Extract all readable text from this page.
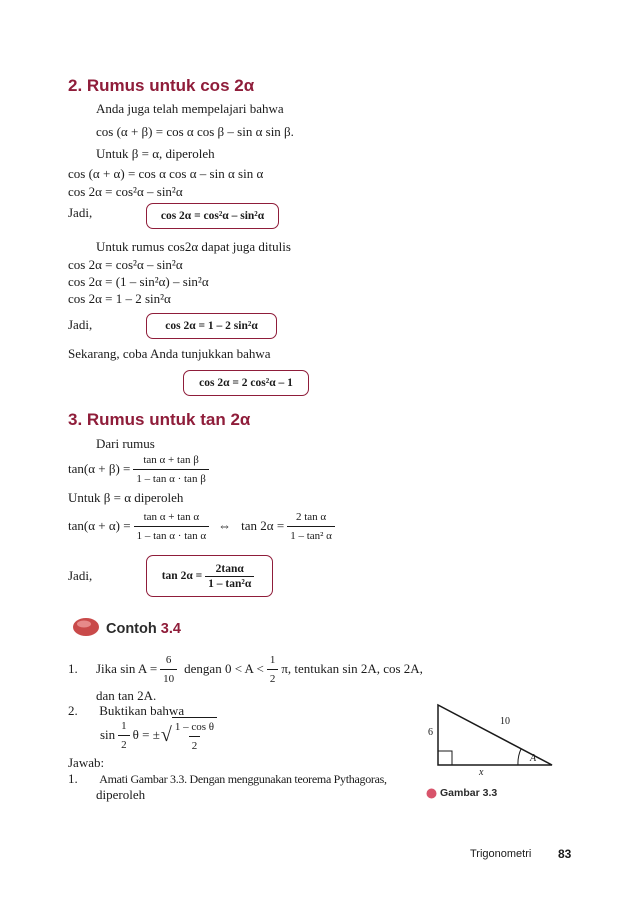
2. Rumus untuk cos 2α
Anda juga telah mempelajari bahwa
cos (α + β) = cos α cos β – sin α sin β.
Untuk β = α, diperoleh
cos (α + α) = cos α cos α – sin α sin α
cos 2α = cos²α – sin²α
Jadi,	cos 2α = cos²α – sin²α
Untuk rumus cos2α dapat juga ditulis
cos 2α = cos²α – sin²α
cos 2α = (1 – sin²α) – sin²α
cos 2α = 1 – 2 sin²α
Jadi,	cos 2α = 1 – 2 sin²α
Sekarang, coba Anda tunjukkan bahwa
cos 2α = 2 cos²α – 1
3. Rumus untuk tan 2α
Dari rumus
$\tan(\alpha + \beta) = \frac{\text{tan α + tan β}}{\text{1 – tan α · tan β}}$
Untuk β = α diperoleh
$\tan(\alpha + \alpha) = \frac{\text{tan α + tan α}}{\text{1 – tan α · tan α}}$ ⇔ $\tan 2\alpha = \frac{\text{2 tan α}}{\text{1 – tan² α}}$
Jadi,	$\tan 2\alpha = \frac{2\tan\alpha}{\text{1 – tan²α}}$
Contoh 3.4
1.	Jika $\sin A = \frac{6}{10}$ dengan $0 < A < \frac{1}{2} \pi$, tentukan sin 2A, cos 2A,
dan tan 2A.
2. Buktikan bahwa
$\sin \frac{1}{2}$ θ = ± √ $\frac{\text{1 – cos θ}}{2}$
Jawab:
1. Amati Gambar 3.3. Dengan menggunakan teorema Pythagoras,
diperoleh
6
10
x
A
Gambar 3.3
Trigonometri 83
